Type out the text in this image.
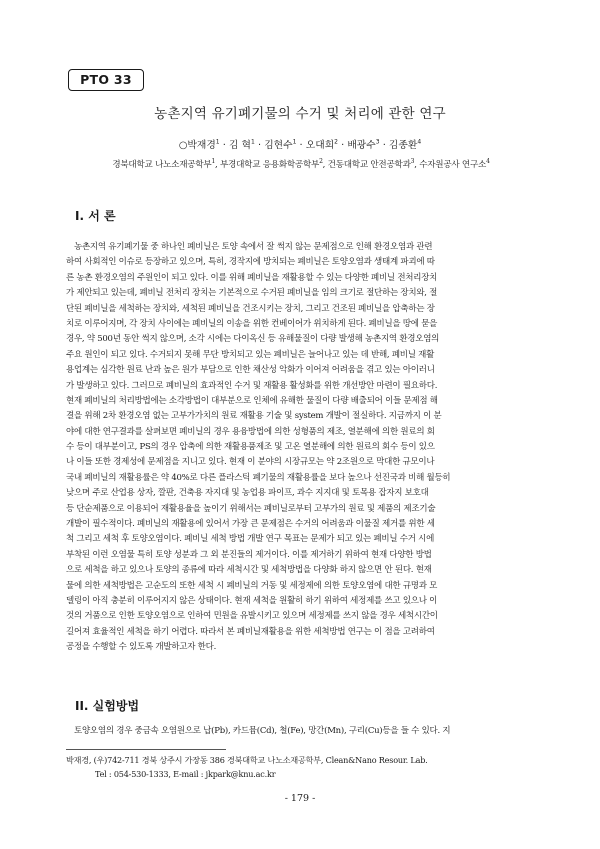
PTO 33
농촌지역 유기폐기물의 수거 및 처리에 관한 연구
○박재경$^1$ · 김 혁$^1$ · 김현수$^1$ · 오대희$^2$ · 배광수$^3$ · 김종환$^4$
경북대학교 나노소재공학부$^1$, 부경대학교 응용화학공학부$^2$, 건동대학교 안전공학과$^3$, 수자원공사 연구소$^4$
I. 서 론
농촌지역 유기폐기물 중 하나인 폐비닐은 토양 속에서 잘 썩지 않는 문제점으로 인해 환경오염과 관련
하여 사회적인 이슈로 등장하고 있으며, 특히, 경작지에 방치되는 폐비닐은 토양오염과 생태계 파괴에 따
른 농촌 환경오염의 주원인이 되고 있다. 이를 위해 폐비닐을 재활용할 수 있는 다양한 폐비닐 전처리장치
가 제안되고 있는데, 폐비닐 전처리 장치는 기본적으로 수거된 폐비닐을 임의 크기로 절단하는 장치와, 절
단된 폐비닐을 세척하는 장치와, 세척된 폐비닐을 건조시키는 장치, 그리고 건조된 폐비닐을 압축하는 장
치로 이루어지며, 각 장치 사이에는 폐비닐의 이송을 위한 컨베이어가 위치하게 된다. 폐비닐을 땅에 묻을
경우, 약 500년 동안 썩지 않으며, 소각 시에는 다이옥신 등 유해물질이 다량 발생해 농촌지역 환경오염의
주요 원인이 되고 있다. 수거되지 못해 무단 방치되고 있는 폐비닐은 늘어나고 있는 데 반해, 폐비닐 재활
용업계는 심각한 원료 난과 높은 원가 부담으로 인한 채산성 악화가 이어져 어려움을 겪고 있는 아이러니
가 발생하고 있다. 그러므로 폐비닐의 효과적인 수거 및 재활용 활성화를 위한 개선방안 마련이 필요하다.
현재 폐비닐의 처리방법에는 소각방법이 대부분으로 인체에 유해한 물질이 다량 배출되어 이들 문제점 해
결을 위해 2차 환경오염 없는 고부가가치의 원료 재활용 기술 및 system 개발이 절실하다. 지금까지 이 분
야에 대한 연구결과를 살펴보면 폐비닐의 경우 용융방법에 의한 성형품의 제조, 열분해에 의한 원료의 회
수 등이 대부분이고, PS의 경우 압축에 의한 재활용품제조 및 고온 열분해에 의한 원료의 회수 등이 있으
나 이들 또한 경제성에 문제점을 지니고 있다. 현재 이 분야의 시장규모는 약 2조원으로 막대한 규모이나
국내 폐비닐의 재활용률은 약 40%로 다른 플라스틱 폐기물의 재활용률을 보다 높으나 선진국과 비해 월등히
낮으며 주로 산업용 상자, 깔판, 건축용 자지대 및 농업용 파이프, 과수 지지대 및 토목용 잡자지 보호대
등 단순제품으로 이용되어 재활용율을 높이기 위해서는 폐비닐로부터 고부가의 원료 및 제품의 제조기술
개발이 필수적이다. 폐비닐의 재활용에 있어서 가장 큰 문제점은 수거의 어려움과 이물질 제거를 위한 세
척 그리고 세척 후 토양오염이다. 폐비닐 세척 방법 개발 연구 목표는 문제가 되고 있는 폐비닐 수거 시에
부착된 이런 오염물 특히 토양 성분과 그 외 분진들의 제거이다. 이를 제거하기 위하여 현재 다양한 방법
으로 세척을 하고 있으나 토양의 종류에 따라 세척시간 및 세척방법을 다양화 하지 않으면 안 된다. 현재
물에 의한 세척방법은 고순도의 또한 세척 시 폐비닐의 거동 및 세정제에 의한 토양오염에 대한 규명과 모
델링이 아직 충분히 이루어지지 않은 상태이다. 현재 세척을 원활히 하기 위하여 세정제를 쓰고 있으나 이
것의 거품으로 인한 토양오염으로 인하여 민원을 유발시키고 있으며 세정제를 쓰지 않을 경우 세척시간이
길어져 효율적인 세척을 하기 어렵다. 따라서 본 폐비닐재활용을 위한 세척방법 연구는 이 점을 고려하여
공정을 수행할 수 있도록 개발하고자 한다.
II. 실험방법
토양오염의 경우 중금속 오염원으로 납(Pb), 카드뮴(Cd), 철(Fe), 망간(Mn), 구리(Cu)등을 들 수 있다. 지
박재경, (우)742-711 경북 상주시 가장동 386 경북대학교 나노소재공학부, Clean&Nano Resour. Lab.
Tel : 054-530-1333, E-mail : jkpark@knu.ac.kr
- 179 -
